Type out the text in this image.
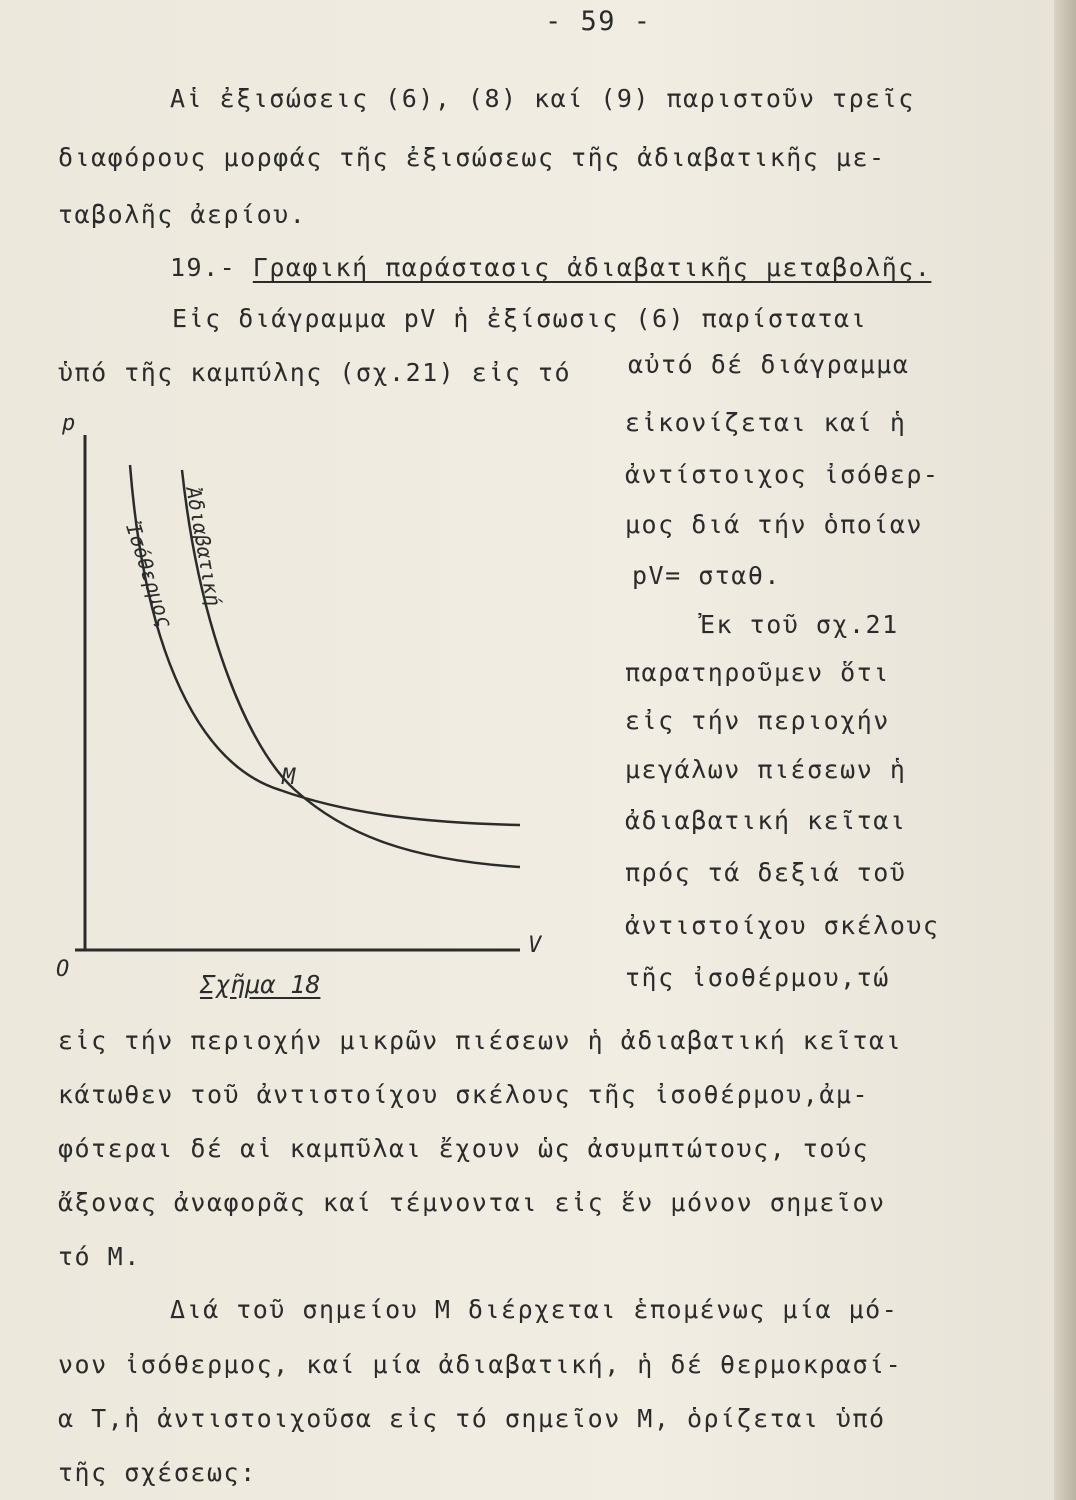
- 59 -
Αἱ ἐξισώσεις (6), (8) καί (9) παριστοῦν τρεῖς
διαφόρους μορφάς τῆς ἐξισώσεως τῆς ἀδιαβατικῆς με-
ταβολῆς ἀερίου.
19.- Γραφική παράστασις ἀδιαβατικῆς μεταβολῆς.
Εἰς διάγραμμα pV ἡ ἐξίσωσις (6) παρίσταται
ὑπό τῆς καμπύλης (σχ.21) εἰς τό αὐτό δέ διάγραμμα
εἰκονίζεται καί ἡ
ἀντίστοιχος ἰσόθερ-
μος διά τήν ὁποίαν
pV= σταθ.
Ἐκ τοῦ σχ.21
παρατηροῦμεν ὅτι
εἰς τήν περιοχήν
μεγάλων πιέσεων ἡ
ἀδιαβατική κεῖται
πρός τά δεξιά τοῦ
ἀντιστοίχου σκέλους
τῆς ἰσοθέρμου,τώ
p
V
O
M
Ἰσόθερμος Ἀδιαβατική
Σχῆμα 18
εἰς τήν περιοχήν μικρῶν πιέσεων ἡ ἀδιαβατική κεῖται
κάτωθεν τοῦ ἀντιστοίχου σκέλους τῆς ἰσοθέρμου,ἀμ-
φότεραι δέ αἱ καμπῦλαι ἔχουν ὡς ἀσυμπτώτους, τούς
ἄξονας ἀναφορᾶς καί τέμνονται εἰς ἕν μόνον σημεῖον
τό Μ.
Διά τοῦ σημείου Μ διέρχεται ἑπομένως μία μό-
νον ἰσόθερμος, καί μία ἀδιαβατική, ἡ δέ θερμοκρασί-
α Τ,ἡ ἀντιστοιχοῦσα εἰς τό σημεῖον Μ, ὁρίζεται ὑπό
τῆς σχέσεως:
